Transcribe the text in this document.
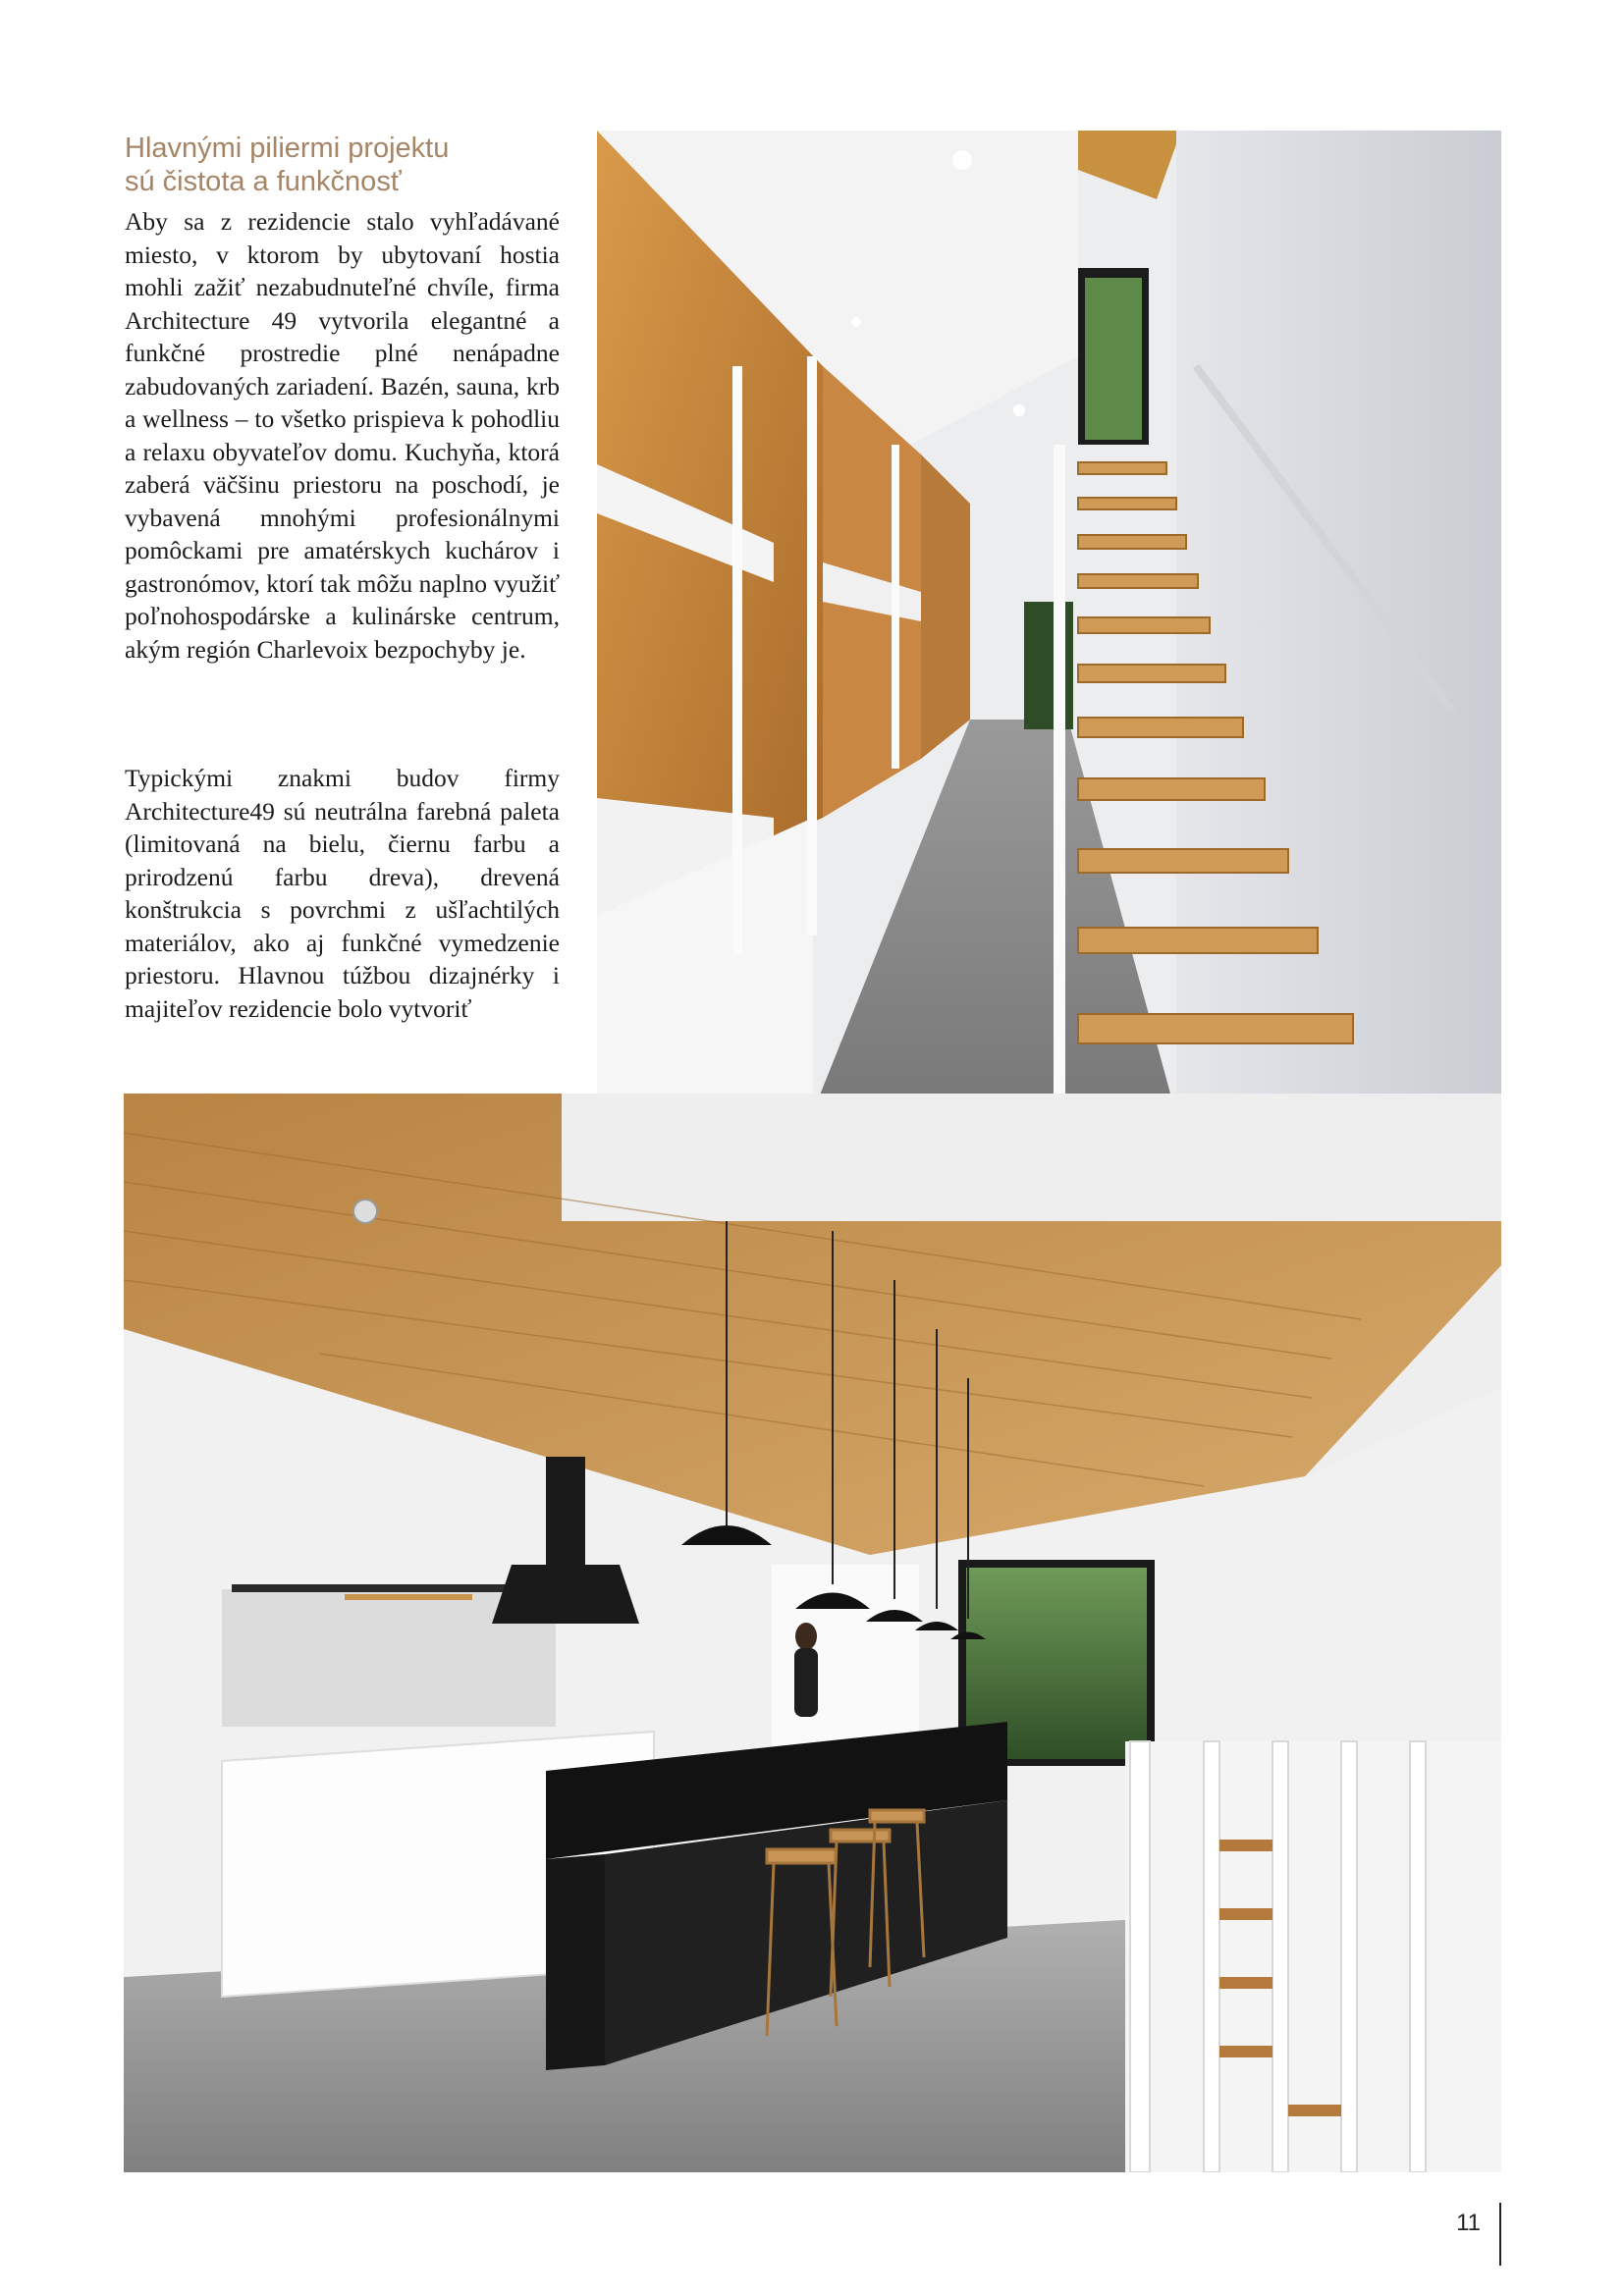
Hlavnými piliermi projektu
sú čistota a funkčnosť

Aby sa z rezidencie stalo vyhľadávané miesto, v ktorom by ubytovaní hostia mohli zažiť nezabudnuteľné chvíle, firma Architecture 49 vytvorila elegantné a funkčné prostredie plné nenápadne zabudovaných zariadení. Bazén, sauna, krb a wellness – to všetko prispieva k pohodliu a relaxu obyvateľov domu. Kuchyňa, ktorá zaberá väčšinu priestoru na poschodí, je vybavená mnohými profesionálnymi pomôckami pre amatérskych kuchárov i gastronómov, ktorí tak môžu naplno využiť poľnohospodárske a kulinárske centrum, akým región Charlevoix bezpochyby je.

Typickými znakmi budov firmy Architecture49 sú neutrálna farebná paleta (limitovaná na bielu, čiernu farbu a prirodzenú farbu dreva), drevená konštrukcia s povrchmi z ušľachtilých materiálov, ako aj funkčné vymedzenie priestoru. Hlavnou túžbou dizajnérky i majiteľov rezidencie bolo vytvoriť

11
